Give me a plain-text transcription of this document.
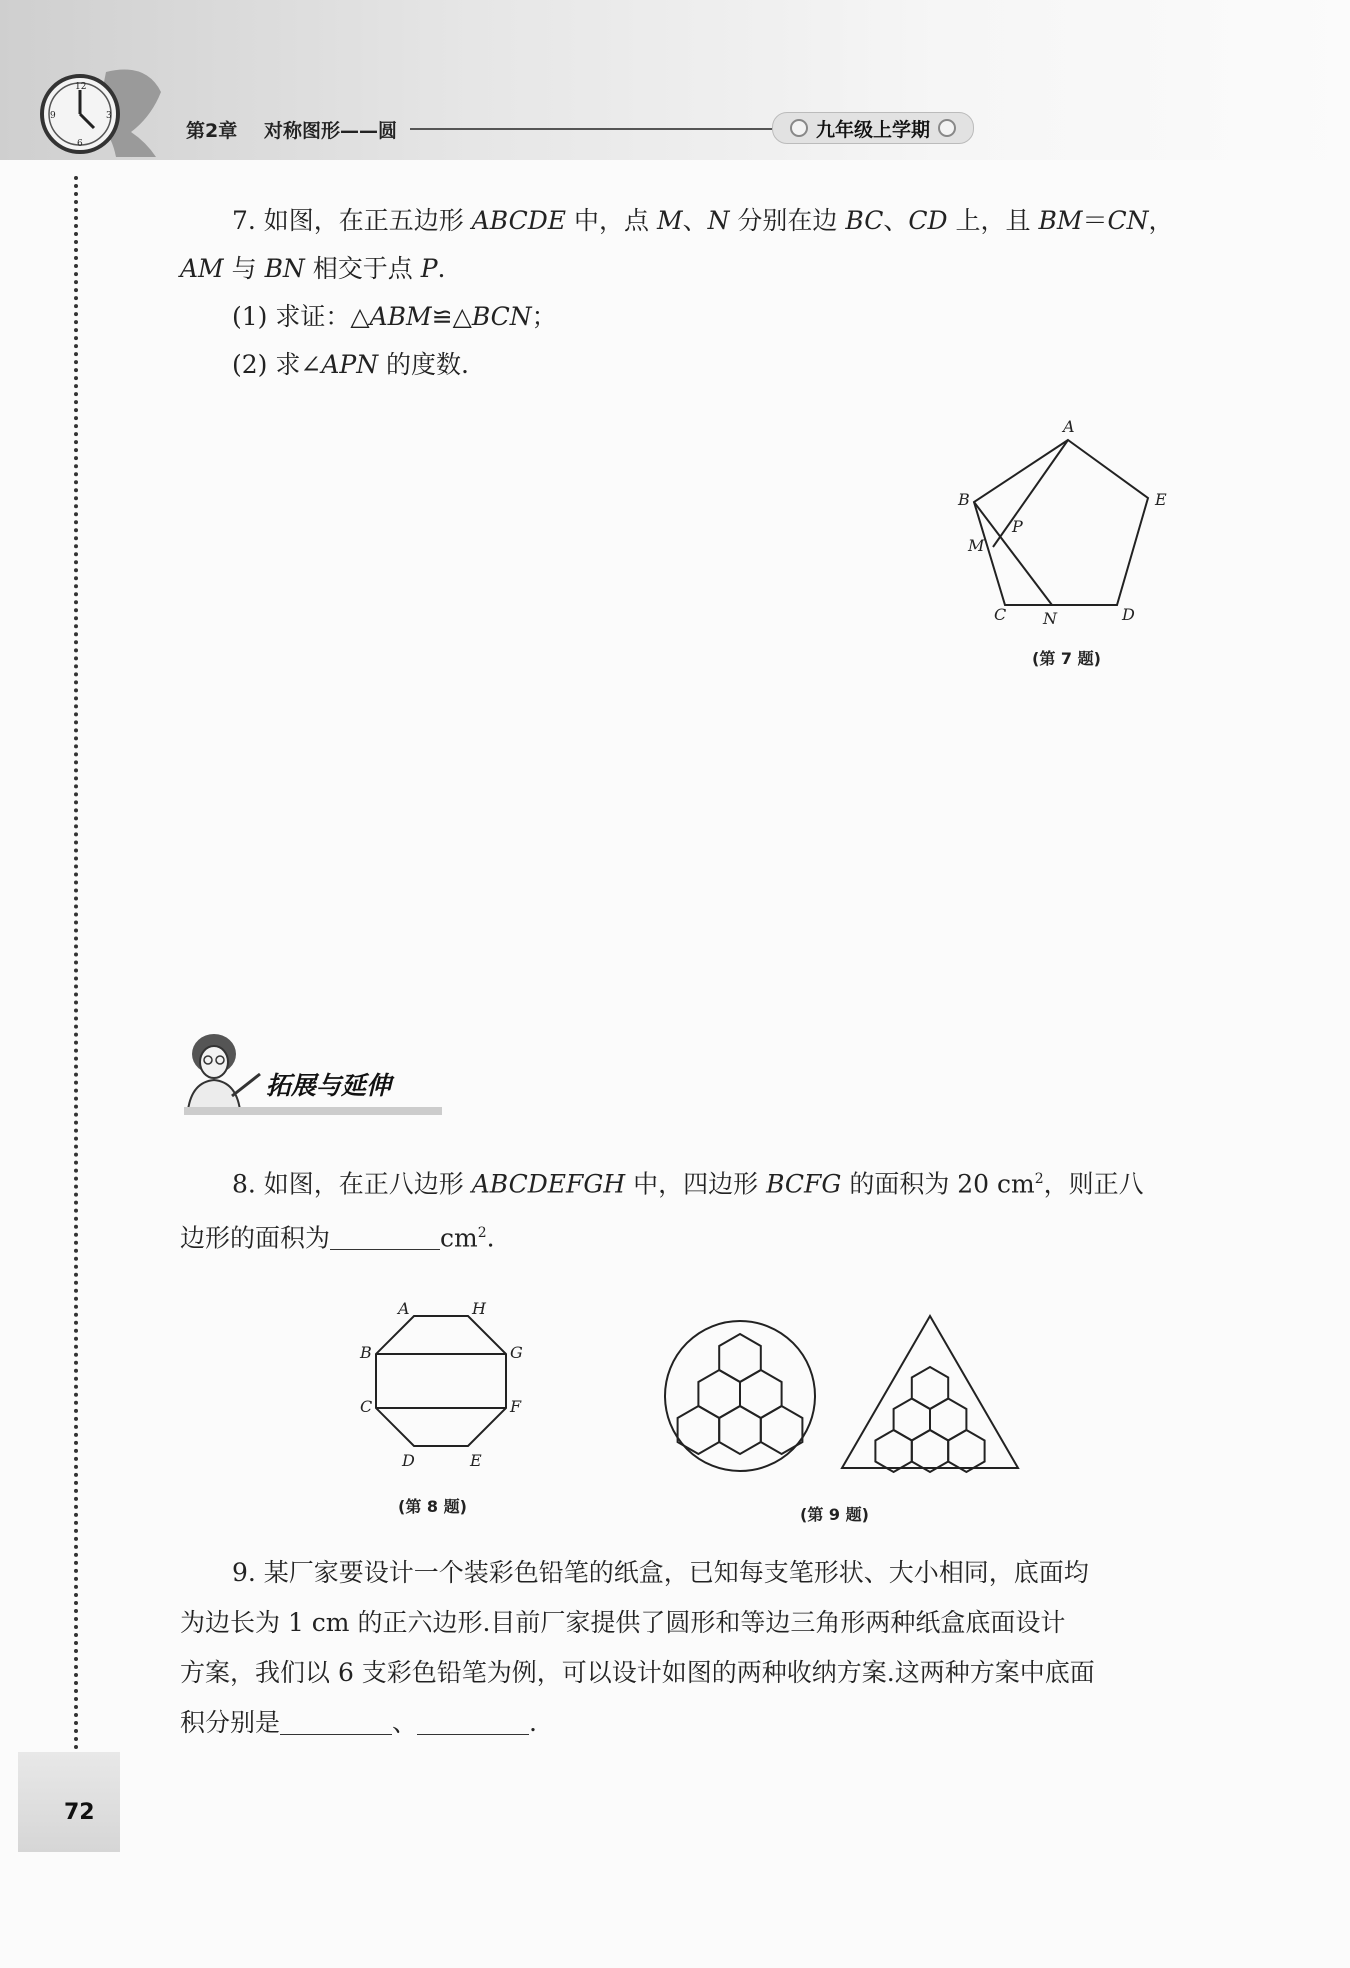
12
3
6
9
第2章 对称图形——圆	九年级上学期
7. 如图，在正五边形 ABCDE 中，点 M、N 分别在边 BC、CD 上，且 BM＝CN，
AM 与 BN 相交于点 P.
(1) 求证：△ABM≌△BCN；
(2) 求∠APN 的度数.
A
B	E
M
P
C N	D
(第 7 题)
拓展与延伸
8. 如图，在正八边形 ABCDEFGH 中，四边形 BCFG 的面积为 20 $cm^2$，则正八
边形的面积为	$cm^2$.
A	H
B	G
C	F
D	E
(第 8 题)	(第 9 题)
9. 某厂家要设计一个装彩色铅笔的纸盒，已知每支笔形状、大小相同，底面均
为边长为 1 cm 的正六边形.目前厂家提供了圆形和等边三角形两种纸盒底面设计
方案，我们以 6 支彩色铅笔为例，可以设计如图的两种收纳方案.这两种方案中底面
积分别是	、	.
72
